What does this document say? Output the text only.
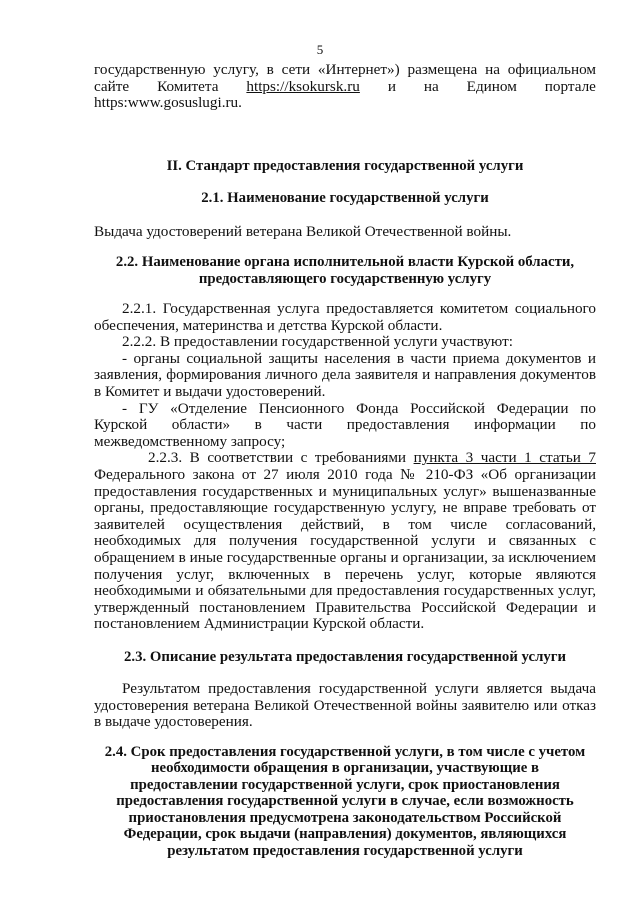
5

государственную услугу, в сети «Интернет») размещена на официальном

сайте Комитета https://ksokursk.ru и на Едином портале

https:www.gosuslugi.ru.

II. Стандарт предоставления государственной услуги
2.1. Наименование государственной услуги

Выдача удостоверений ветерана Великой Отечественной войны.

2.2. Наименование органа исполнительной власти Курской области,
предоставляющего государственную услугу

2.2.1. Государственная услуга предоставляется комитетом социального обеспечения, материнства и детства Курской области.

2.2.2. В предоставлении государственной услуги участвуют:

- органы социальной защиты населения в части приема документов и заявления, формирования личного дела заявителя и направления документов в Комитет и выдачи удостоверений.

- ГУ «Отделение Пенсионного Фонда Российской Федерации по Курской области» в части предоставления информации по межведомственному запросу;

2.2.3. В соответствии с требованиями пункта 3 части 1 статьи 7 Федерального закона от 27 июля 2010 года № 210-ФЗ «Об организации предоставления государственных и муниципальных услуг» вышеназванные органы, предоставляющие государственную услугу, не вправе требовать от заявителей осуществления действий, в том числе согласований, необходимых для получения государственной услуги и связанных с обращением в иные государственные органы и организации, за исключением получения услуг, включенных в перечень услуг, которые являются необходимыми и обязательными для предоставления государственных услуг, утвержденный постановлением Правительства Российской Федерации и постановлением Администрации Курской области.

2.3. Описание результата предоставления государственной услуги

Результатом предоставления государственной услуги является выдача удостоверения ветерана Великой Отечественной войны заявителю или отказ в выдаче удостоверения.

2.4. Срок предоставления государственной услуги, в том числе с учетом
необходимости обращения в организации, участвующие в
предоставлении государственной услуги, срок приостановления
предоставления государственной услуги в случае, если возможность
приостановления предусмотрена законодательством Российской
Федерации, срок выдачи (направления) документов, являющихся
результатом предоставления государственной услуги
